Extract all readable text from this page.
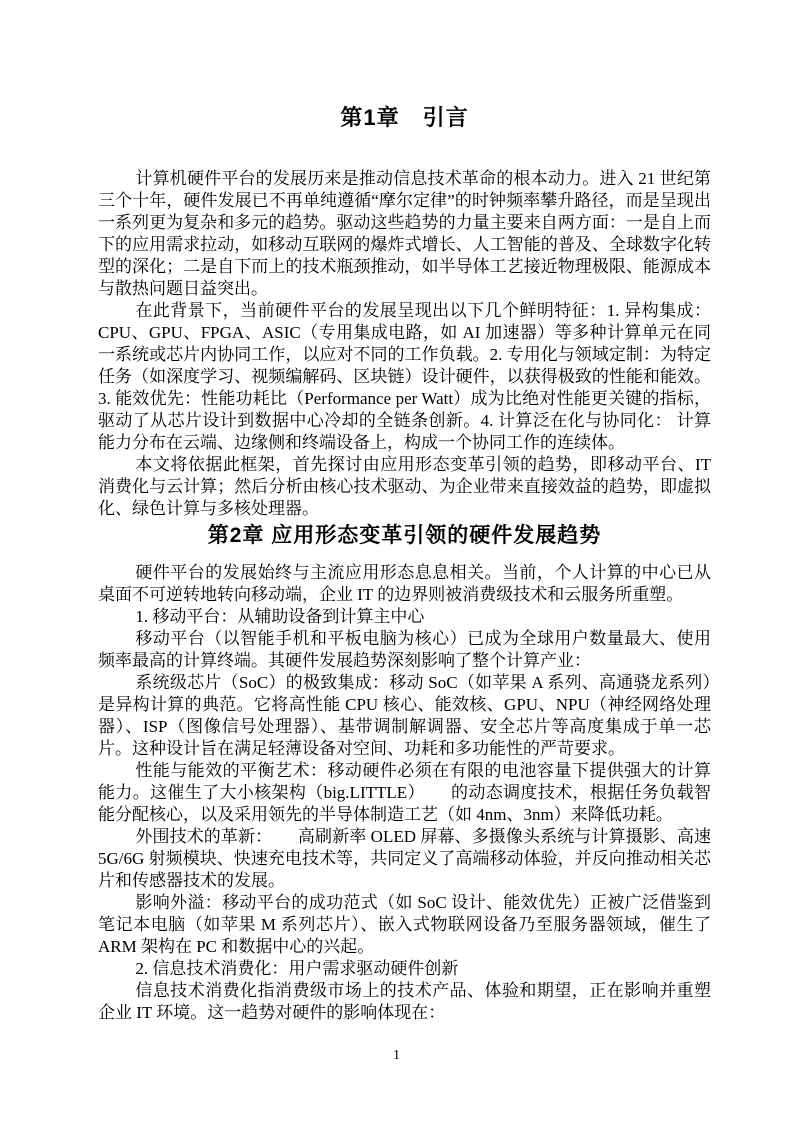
第1章　引言

计算机硬件平台的发展历来是推动信息技术革命的根本动力。进入 21 世纪第三个十年，硬件发展已不再单纯遵循“摩尔定律”的时钟频率攀升路径，而是呈现出一系列更为复杂和多元的趋势。驱动这些趋势的力量主要来自两方面：一是自上而下的应用需求拉动，如移动互联网的爆炸式增长、人工智能的普及、全球数字化转型的深化；二是自下而上的技术瓶颈推动，如半导体工艺接近物理极限、能源成本与散热问题日益突出。

在此背景下，当前硬件平台的发展呈现出以下几个鲜明特征：1. 异构集成：CPU、GPU、FPGA、ASIC（专用集成电路，如 AI 加速器）等多种计算单元在同一系统或芯片内协同工作，以应对不同的工作负载。2. 专用化与领域定制：为特定任务（如深度学习、视频编解码、区块链）设计硬件，以获得极致的性能和能效。3. 能效优先：性能功耗比（Performance per Watt）成为比绝对性能更关键的指标，驱动了从芯片设计到数据中心冷却的全链条创新。4. 计算泛在化与协同化： 计算能力分布在云端、边缘侧和终端设备上，构成一个协同工作的连续体。

本文将依据此框架，首先探讨由应用形态变革引领的趋势，即移动平台、IT 消费化与云计算；然后分析由核心技术驱动、为企业带来直接效益的趋势，即虚拟化、绿色计算与多核处理器。

第2章 应用形态变革引领的硬件发展趋势

硬件平台的发展始终与主流应用形态息息相关。当前，个人计算的中心已从桌面不可逆转地转向移动端，企业 IT 的边界则被消费级技术和云服务所重塑。

1. 移动平台：从辅助设备到计算主中心

移动平台（以智能手机和平板电脑为核心）已成为全球用户数量最大、使用频率最高的计算终端。其硬件发展趋势深刻影响了整个计算产业：

系统级芯片（SoC）的极致集成：移动 SoC（如苹果 A 系列、高通骁龙系列）是异构计算的典范。它将高性能 CPU 核心、能效核、GPU、NPU（神经网络处理器）、ISP（图像信号处理器）、基带调制解调器、安全芯片等高度集成于单一芯片。这种设计旨在满足轻薄设备对空间、功耗和多功能性的严苛要求。

性能与能效的平衡艺术：移动硬件必须在有限的电池容量下提供强大的计算能力。这催生了大小核架构（big.LITTLE）　　的动态调度技术，根据任务负载智能分配核心，以及采用领先的半导体制造工艺（如 4nm、3nm）来降低功耗。

外围技术的革新：　　高刷新率 OLED 屏幕、多摄像头系统与计算摄影、高速 5G/6G 射频模块、快速充电技术等，共同定义了高端移动体验，并反向推动相关芯片和传感器技术的发展。

影响外溢：移动平台的成功范式（如 SoC 设计、能效优先）正被广泛借鉴到笔记本电脑（如苹果 M 系列芯片）、嵌入式物联网设备乃至服务器领域，催生了 ARM 架构在 PC 和数据中心的兴起。

2. 信息技术消费化：用户需求驱动硬件创新

信息技术消费化指消费级市场上的技术产品、体验和期望，正在影响并重塑企业 IT 环境。这一趋势对硬件的影响体现在：

1
